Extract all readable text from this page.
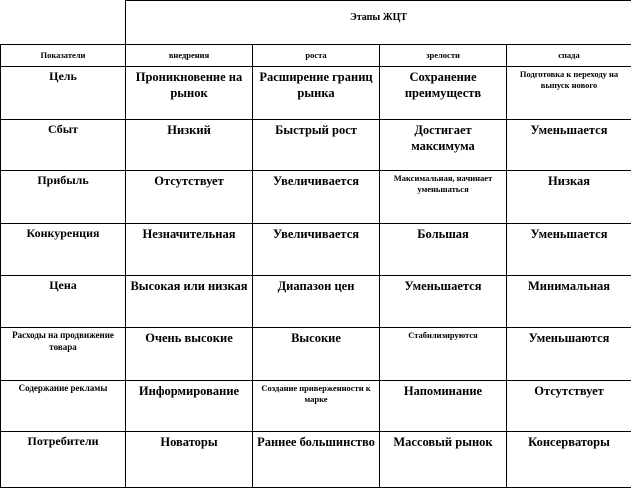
	Этапы ЖЦТ			
Показатели	внедрения	роста	зрелости	спада

Цель	Проникновение на рынок	Расширение границ рынка	Сохранение преимуществ	Подготовка к переходу на выпуск нового

Сбыт	Низкий	Быстрый рост	Достигает максимума	Уменьшается

Прибыль	Отсутствует	Увеличивается	Максимальная, начинает уменьшаться	Низкая

Конкуренция	Незначительная	Увеличивается	Большая	Уменьшается

Цена	Высокая или низкая	Диапазон цен	Уменьшается	Минимальная

Расходы на продвижение товара	Очень высокие	Высокие	Стабилизируются	Уменьшаются

Содержание рекламы	Информирование	Создание приверженности к марке	Напоминание	Отсутствует

Потребители	Новаторы	Раннее большинство	Массовый рынок	Консерваторы
